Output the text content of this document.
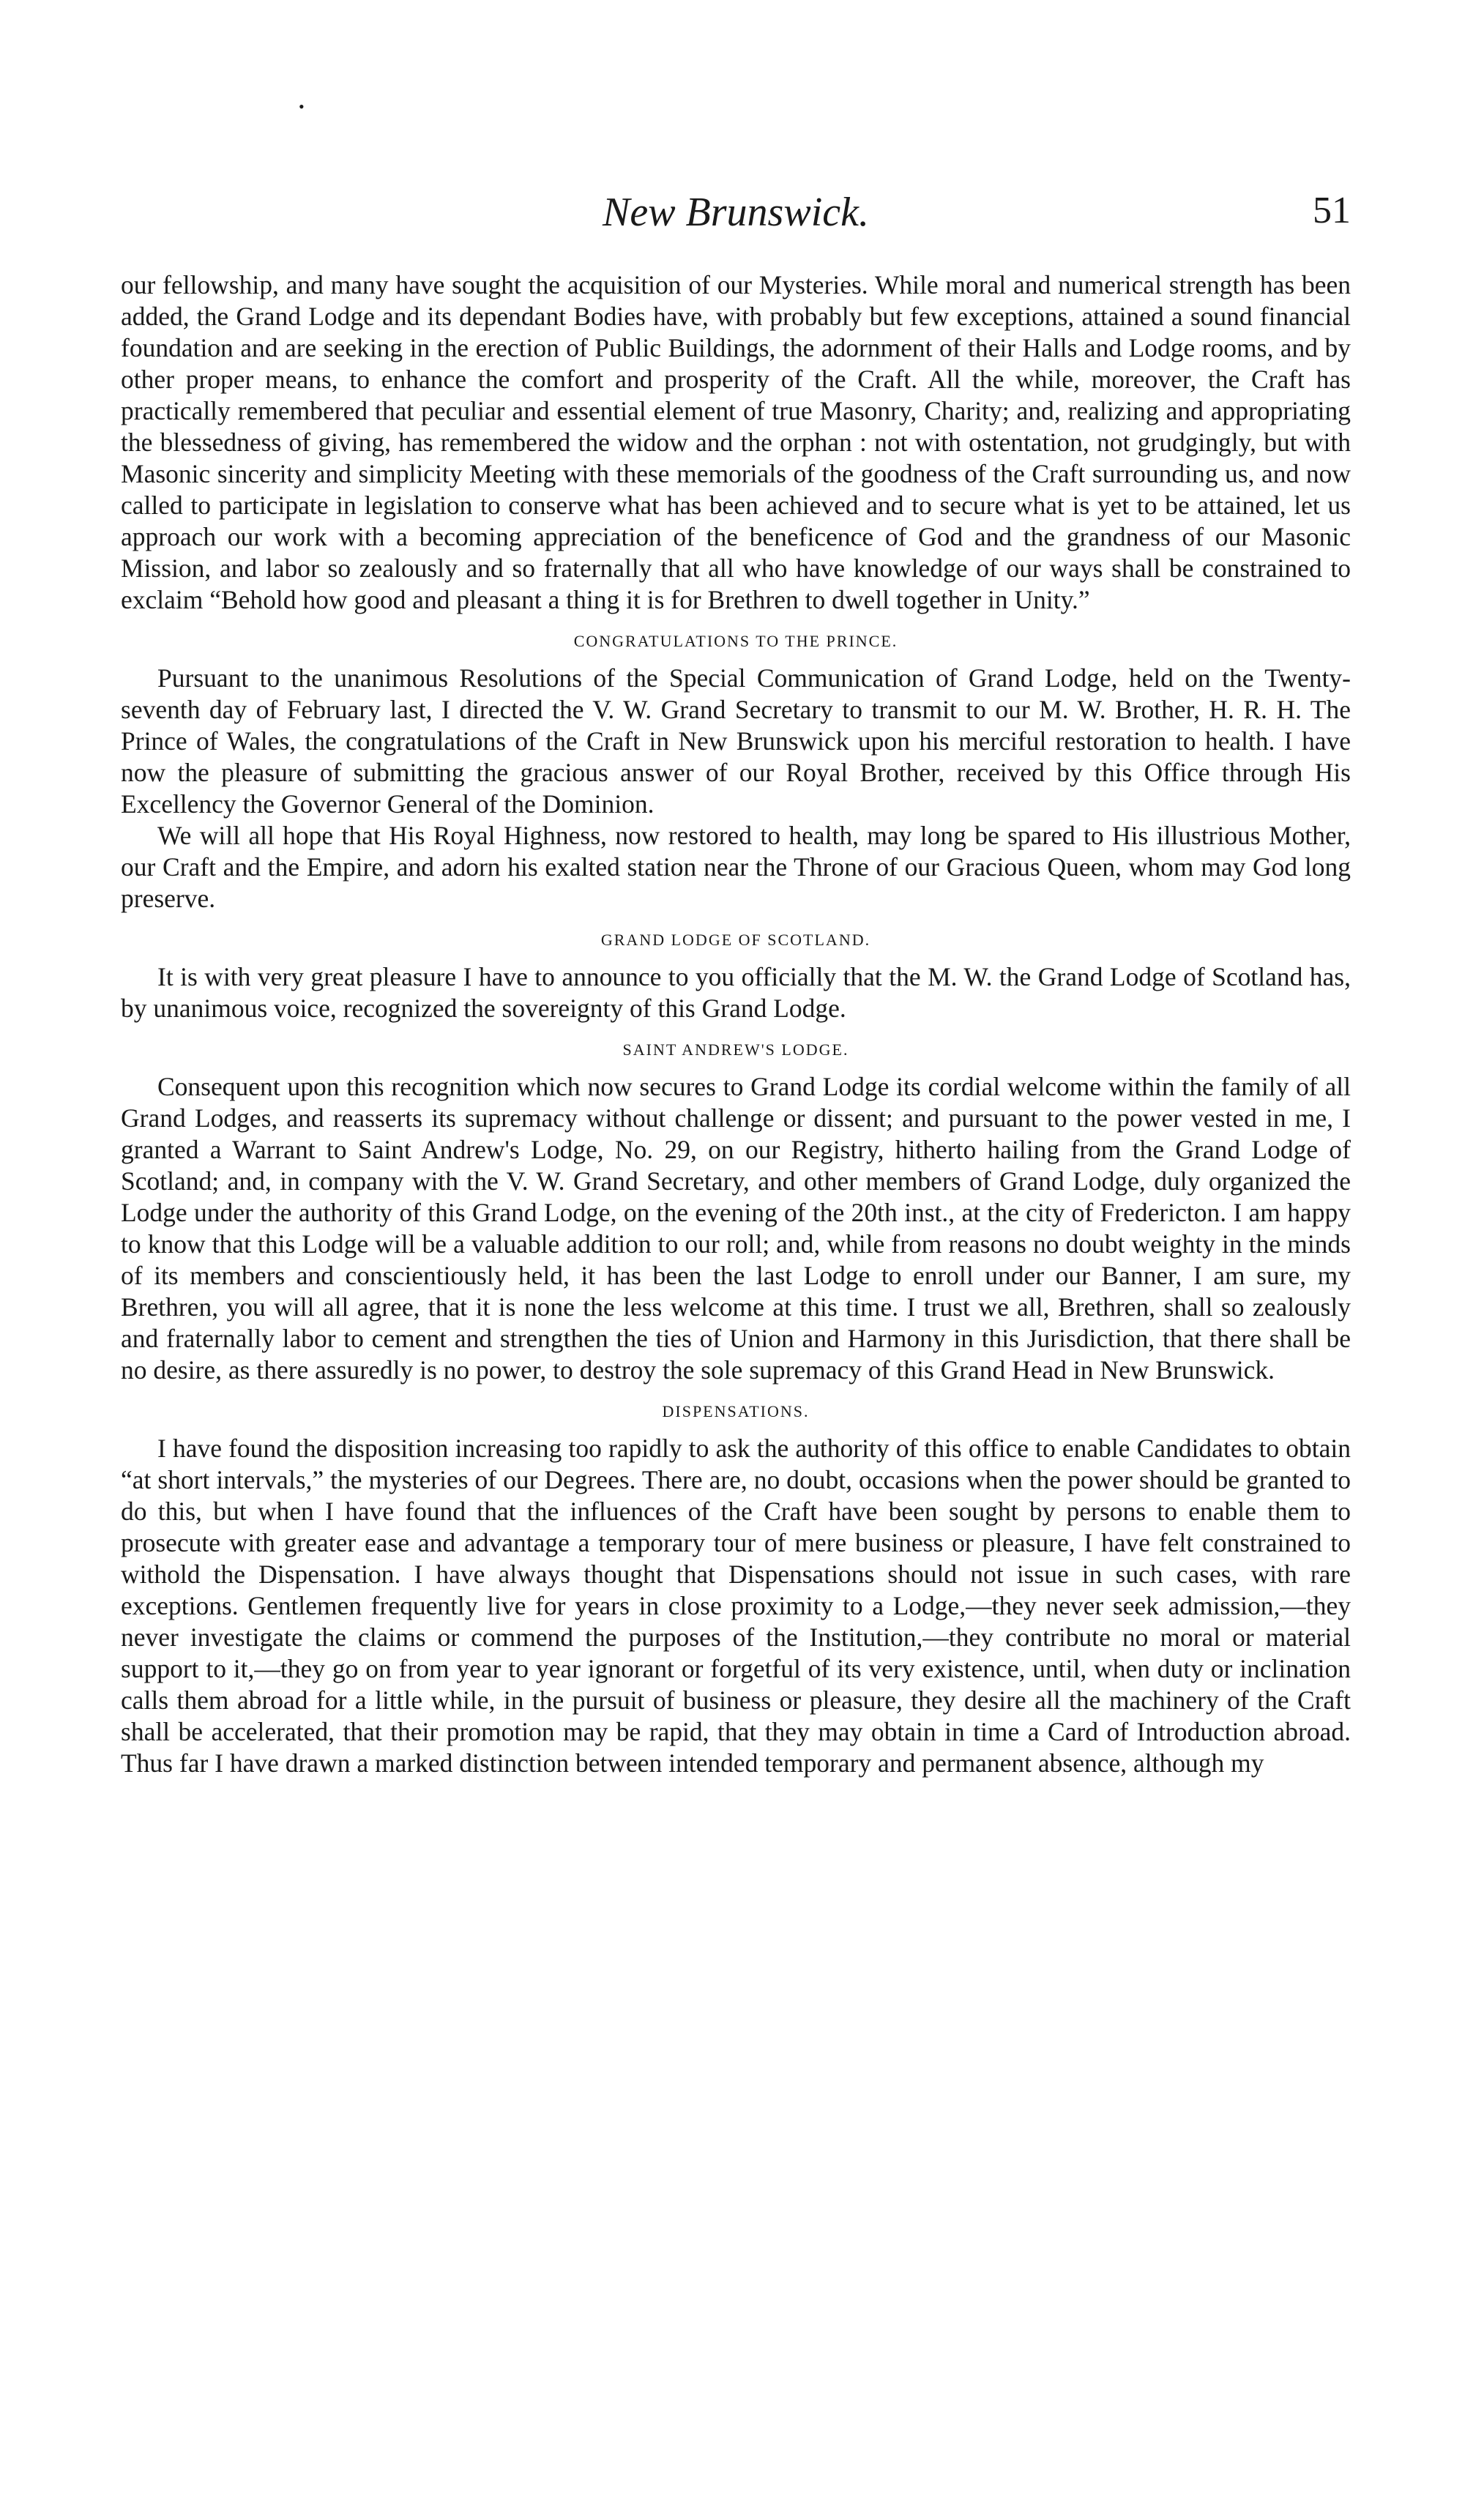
•
New Brunswick.	51

our fellowship, and many have sought the acquisition of our Mysteries. While moral and numerical strength has been added, the Grand Lodge and its dependant Bodies have, with probably but few exceptions, attained a sound financial foundation and are seeking in the erection of Public Buildings, the adornment of their Halls and Lodge rooms, and by other proper means, to enhance the comfort and prosperity of the Craft. All the while, moreover, the Craft has practically remembered that peculiar and essential element of true Masonry, Charity; and, realizing and appropriating the blessedness of giving, has remembered the widow and the orphan : not with ostentation, not grudgingly, but with Masonic sincerity and simplicity Meeting with these memorials of the goodness of the Craft surrounding us, and now called to participate in legislation to conserve what has been achieved and to secure what is yet to be attained, let us approach our work with a becoming appreciation of the beneficence of God and the grandness of our Masonic Mission, and labor so zealously and so fraternally that all who have knowledge of our ways shall be constrained to exclaim “Behold how good and pleasant a thing it is for Brethren to dwell together in Unity.”

CONGRATULATIONS TO THE PRINCE.

Pursuant to the unanimous Resolutions of the Special Communication of Grand Lodge, held on the Twenty-seventh day of February last, I directed the V. W. Grand Secretary to transmit to our M. W. Brother, H. R. H. The Prince of Wales, the congratulations of the Craft in New Brunswick upon his merciful restoration to health. I have now the pleasure of submitting the gracious answer of our Royal Brother, received by this Office through His Excellency the Governor General of the Dominion.

We will all hope that His Royal Highness, now restored to health, may long be spared to His illustrious Mother, our Craft and the Empire, and adorn his exalted station near the Throne of our Gracious Queen, whom may God long preserve.

GRAND LODGE OF SCOTLAND.

It is with very great pleasure I have to announce to you officially that the M. W. the Grand Lodge of Scotland has, by unanimous voice, recognized the sovereignty of this Grand Lodge.

SAINT ANDREW'S LODGE.

Consequent upon this recognition which now secures to Grand Lodge its cordial welcome within the family of all Grand Lodges, and reasserts its supremacy without challenge or dissent; and pursuant to the power vested in me, I granted a Warrant to Saint Andrew's Lodge, No. 29, on our Registry, hitherto hailing from the Grand Lodge of Scotland; and, in company with the V. W. Grand Secretary, and other members of Grand Lodge, duly organized the Lodge under the authority of this Grand Lodge, on the evening of the 20th inst., at the city of Fredericton. I am happy to know that this Lodge will be a valuable addition to our roll; and, while from reasons no doubt weighty in the minds of its members and conscientiously held, it has been the last Lodge to enroll under our Banner, I am sure, my Brethren, you will all agree, that it is none the less welcome at this time. I trust we all, Brethren, shall so zealously and fraternally labor to cement and strengthen the ties of Union and Harmony in this Jurisdiction, that there shall be no desire, as there assuredly is no power, to destroy the sole supremacy of this Grand Head in New Brunswick.

DISPENSATIONS.

I have found the disposition increasing too rapidly to ask the authority of this office to enable Candidates to obtain “at short intervals,” the mysteries of our Degrees. There are, no doubt, occasions when the power should be granted to do this, but when I have found that the influences of the Craft have been sought by persons to enable them to prosecute with greater ease and advantage a temporary tour of mere business or pleasure, I have felt constrained to withold the Dispensation. I have always thought that Dispensations should not issue in such cases, with rare exceptions. Gentlemen frequently live for years in close proximity to a Lodge,—they never seek admission,—they never investigate the claims or commend the purposes of the Institution,—they contribute no moral or material support to it,—they go on from year to year ignorant or forgetful of its very existence, until, when duty or inclination calls them abroad for a little while, in the pursuit of business or pleasure, they desire all the machinery of the Craft shall be accelerated, that their promotion may be rapid, that they may obtain in time a Card of Introduction abroad. Thus far I have drawn a marked distinction between intended temporary and permanent absence, although my
